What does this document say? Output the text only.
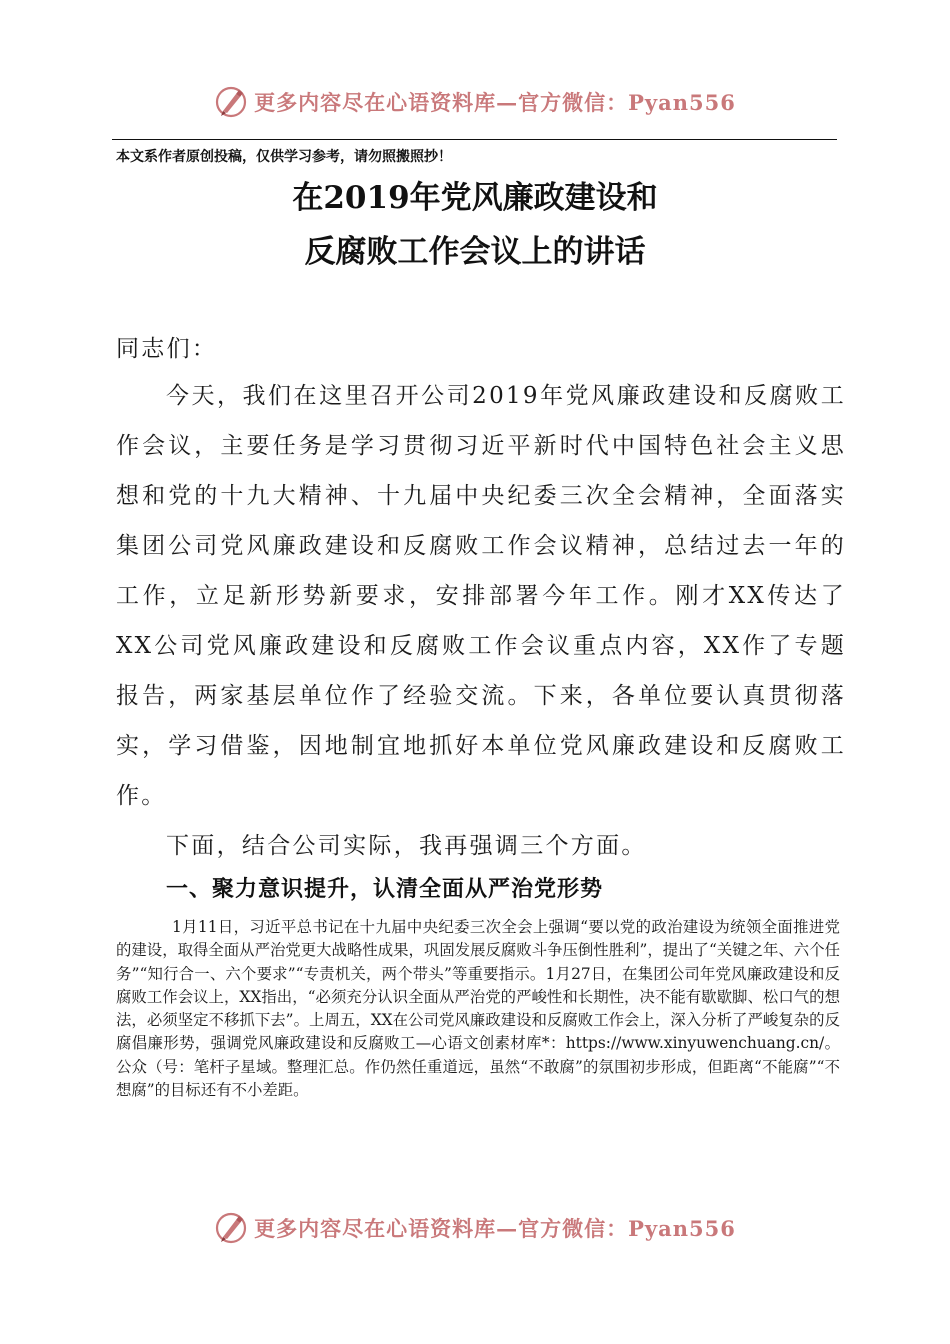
更多内容尽在心语资料库—官方微信：Pyan556
本文系作者原创投稿，仅供学习参考，请勿照搬照抄！
在2019年党风廉政建设和
反腐败工作会议上的讲话

同志们：

今天，我们在这里召开公司2019年党风廉政建设和反腐败工作会议，主要任务是学习贯彻习近平新时代中国特色社会主义思想和党的十九大精神、十九届中央纪委三次全会精神，全面落实集团公司党风廉政建设和反腐败工作会议精神，总结过去一年的工作，立足新形势新要求，安排部署今年工作。刚才XX传达了XX公司党风廉政建设和反腐败工作会议重点内容，XX作了专题报告，两家基层单位作了经验交流。下来，各单位要认真贯彻落实，学习借鉴，因地制宜地抓好本单位党风廉政建设和反腐败工作。

下面，结合公司实际，我再强调三个方面。

一、聚力意识提升，认清全面从严治党形势

1月11日，习近平总书记在十九届中央纪委三次全会上强调“要以党的政治建设为统领全面推进党的建设，取得全面从严治党更大战略性成果，巩固发展反腐败斗争压倒性胜利”，提出了“关键之年、六个任务”“知行合一、六个要求”“专责机关，两个带头”等重要指示。1月27日，在集团公司年党风廉政建设和反腐败工作会议上，XX指出，“必须充分认识全面从严治党的严峻性和长期性，决不能有歇歇脚、松口气的想法，必须坚定不移抓下去”。上周五，XX在公司党风廉政建设和反腐败工作会上，深入分析了严峻复杂的反腐倡廉形势，强调党风廉政建设和反腐败工—心语文创素材库*：https://www.xinyuwenchuang.cn/。公众（号：笔杆子星域。整理汇总。作仍然任重道远，虽然“不敢腐”的氛围初步形成，但距离“不能腐”“不想腐”的目标还有不小差距。

更多内容尽在心语资料库—官方微信：Pyan556
